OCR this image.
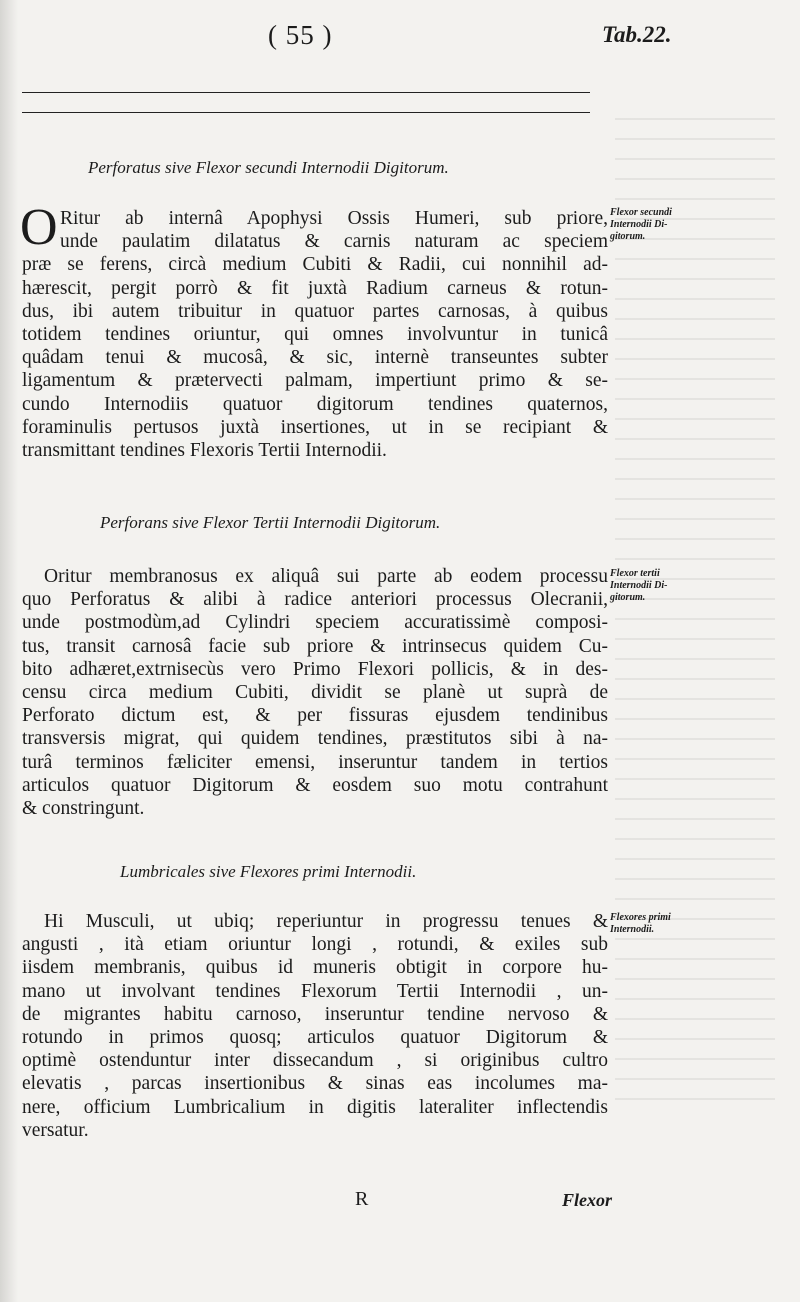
( 55 )	Tab.22.
Perforatus sive Flexor secundi Internodii Digitorum.
O Ritur ab internâ Apophysi Ossis Humeri, sub priore,
unde paulatim dilatatus & carnis naturam ac speciem
præ se ferens, circà medium Cubiti & Radii, cui nonnihil ad-
hærescit, pergit porrò & fit juxtà Radium carneus & rotun-
dus, ibi autem tribuitur in quatuor partes carnosas, à quibus
totidem tendines oriuntur, qui omnes involvuntur in tunicâ
quâdam tenui & mucosâ, & sic, internè transeuntes subter
ligamentum & prætervecti palmam, impertiunt primo & se-
cundo Internodiis quatuor digitorum tendines quaternos,
foraminulis pertusos juxtà insertiones, ut in se recipiant &
transmittant tendines Flexoris Tertii Internodii.
Flexor secundi
Internodii Di-
gitorum.
Perforans sive Flexor Tertii Internodii Digitorum.
Oritur membranosus ex aliquâ sui parte ab eodem processu
quo Perforatus & alibi à radice anteriori processus Olecranii,
unde postmodùm,ad Cylindri speciem accuratissimè composi-
tus, transit carnosâ facie sub priore & intrinsecus quidem Cu-
bito adhæret,extrnisecùs vero Primo Flexori pollicis, & in des-
censu circa medium Cubiti, dividit se planè ut suprà de
Perforato dictum est, & per fissuras ejusdem tendinibus
transversis migrat, qui quidem tendines, præstitutos sibi à na-
turâ terminos fæliciter emensi, inseruntur tandem in tertios
articulos quatuor Digitorum & eosdem suo motu contrahunt
& constringunt.
Flexor tertii
Internodii Di-
gitorum.
Lumbricales sive Flexores primi Internodii.
Hi Musculi, ut ubiq; reperiuntur in progressu tenues &
angusti , ità etiam oriuntur longi , rotundi, & exiles sub
iisdem membranis, quibus id muneris obtigit in corpore hu-
mano ut involvant tendines Flexorum Tertii Internodii , un-
de migrantes habitu carnoso, inseruntur tendine nervoso &
rotundo in primos quosq; articulos quatuor Digitorum &
optimè ostenduntur inter dissecandum , si originibus cultro
elevatis , parcas insertionibus & sinas eas incolumes ma-
nere, officium Lumbricalium in digitis lateraliter inflectendis
versatur.
Flexores primi
Internodii.
R	Flexor
